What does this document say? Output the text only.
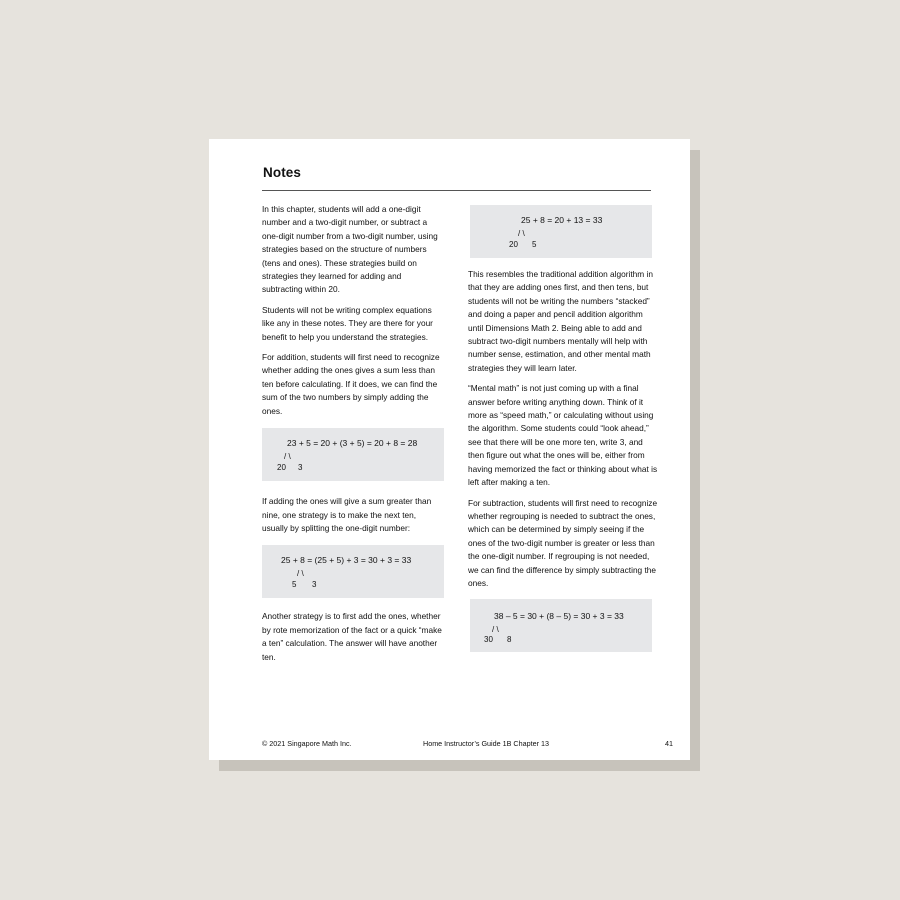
Notes

In this chapter, students will add a one-digit number and a two-digit number, or subtract a one-digit number from a two-digit number, using strategies based on the structure of numbers (tens and ones). These strategies build on strategies they learned for adding and subtracting within 20.

Students will not be writing complex equations like any in these notes. They are there for your benefit to help you understand the strategies.

For addition, students will first need to recognize whether adding the ones gives a sum less than ten before calculating. If it does, we can find the sum of the two numbers by simply adding the ones.

23 + 5 = 20 + (3 + 5) = 20 + 8 = 28
/ \
20 3

If adding the ones will give a sum greater than nine, one strategy is to make the next ten, usually by splitting the one-digit number:

25 + 8 = (25 + 5) + 3 = 30 + 3 = 33
/ \
5 3

Another strategy is to first add the ones, whether by rote memorization of the fact or a quick “make a ten” calculation. The answer will have another ten.

25 + 8 = 20 + 13 = 33
/ \
20 5

This resembles the traditional addition algorithm in that they are adding ones first, and then tens, but students will not be writing the numbers “stacked” and doing a paper and pencil addition algorithm until Dimensions Math 2. Being able to add and subtract two-digit numbers mentally will help with number sense, estimation, and other mental math strategies they will learn later.

“Mental math” is not just coming up with a final answer before writing anything down. Think of it more as “speed math,” or calculating without using the algorithm. Some students could “look ahead,” see that there will be one more ten, write 3, and then figure out what the ones will be, either from having memorized the fact or thinking about what is left after making a ten.

For subtraction, students will first need to recognize whether regrouping is needed to subtract the ones, which can be determined by simply seeing if the ones of the two-digit number is greater or less than the one-digit number. If regrouping is not needed, we can find the difference by simply subtracting the ones.

38 – 5 = 30 + (8 – 5) = 30 + 3 = 33
/ \
30 8
© 2021 Singapore Math Inc.	Home Instructor’s Guide 1B Chapter 13	41
